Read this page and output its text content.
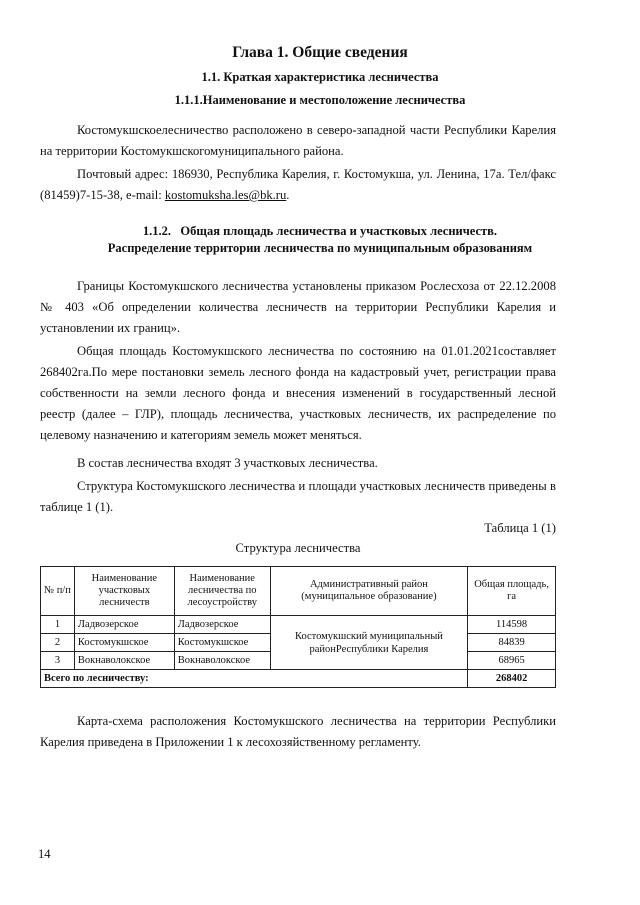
Глава 1. Общие сведения
1.1. Краткая характеристика лесничества
1.1.1.Наименование и местоположение лесничества
Костомукшскоелесничество расположено в северо-западной части Республики Карелия на территории Костомукшскогомуниципального района.
Почтовый адрес: 186930, Республика Карелия, г. Костомукша, ул. Ленина, 17а. Тел/факс (81459)7-15-38, e-mail: kostomuksha.les@bk.ru.
1.1.2.   Общая площадь лесничества и участковых лесничеств.
Распределение территории лесничества по муниципальным образованиям
Границы Костомукшского лесничества установлены приказом Рослесхоза от 22.12.2008 № 403 «Об определении количества лесничеств на территории Республики Карелия и установлении их границ».
Общая площадь Костомукшского лесничества по состоянию на 01.01.2021составляет 268402га.По мере постановки земель лесного фонда на кадастровый учет, регистрации права собственности на земли лесного фонда и внесения изменений в государственный лесной реестр (далее – ГЛР), площадь лесничества, участковых лесничеств, их распределение по целевому назначению и категориям земель может меняться.
В состав лесничества входят 3 участковых лесничества.
Структура Костомукшского лесничества и площади участковых лесничеств приведены в таблице 1 (1).
Таблица 1 (1)
Структура лесничества
№ п/п	Наименование участковых лесничеств	Наименование лесничества по лесоустройству	Административный район (муниципальное образование)	Общая площадь, га
1	Ладвозерское	Ладвозерское	Костомукшский муниципальный районРеспублики Карелия	114598
2	Костомукшское	Костомукшское		84839
3	Вокнаволокское	Вокнаволокское		68965
Всего по лесничеству:				268402
Карта-схема расположения Костомукшского лесничества на территории Республики Карелия приведена в Приложении 1 к лесохозяйственному регламенту.
14
